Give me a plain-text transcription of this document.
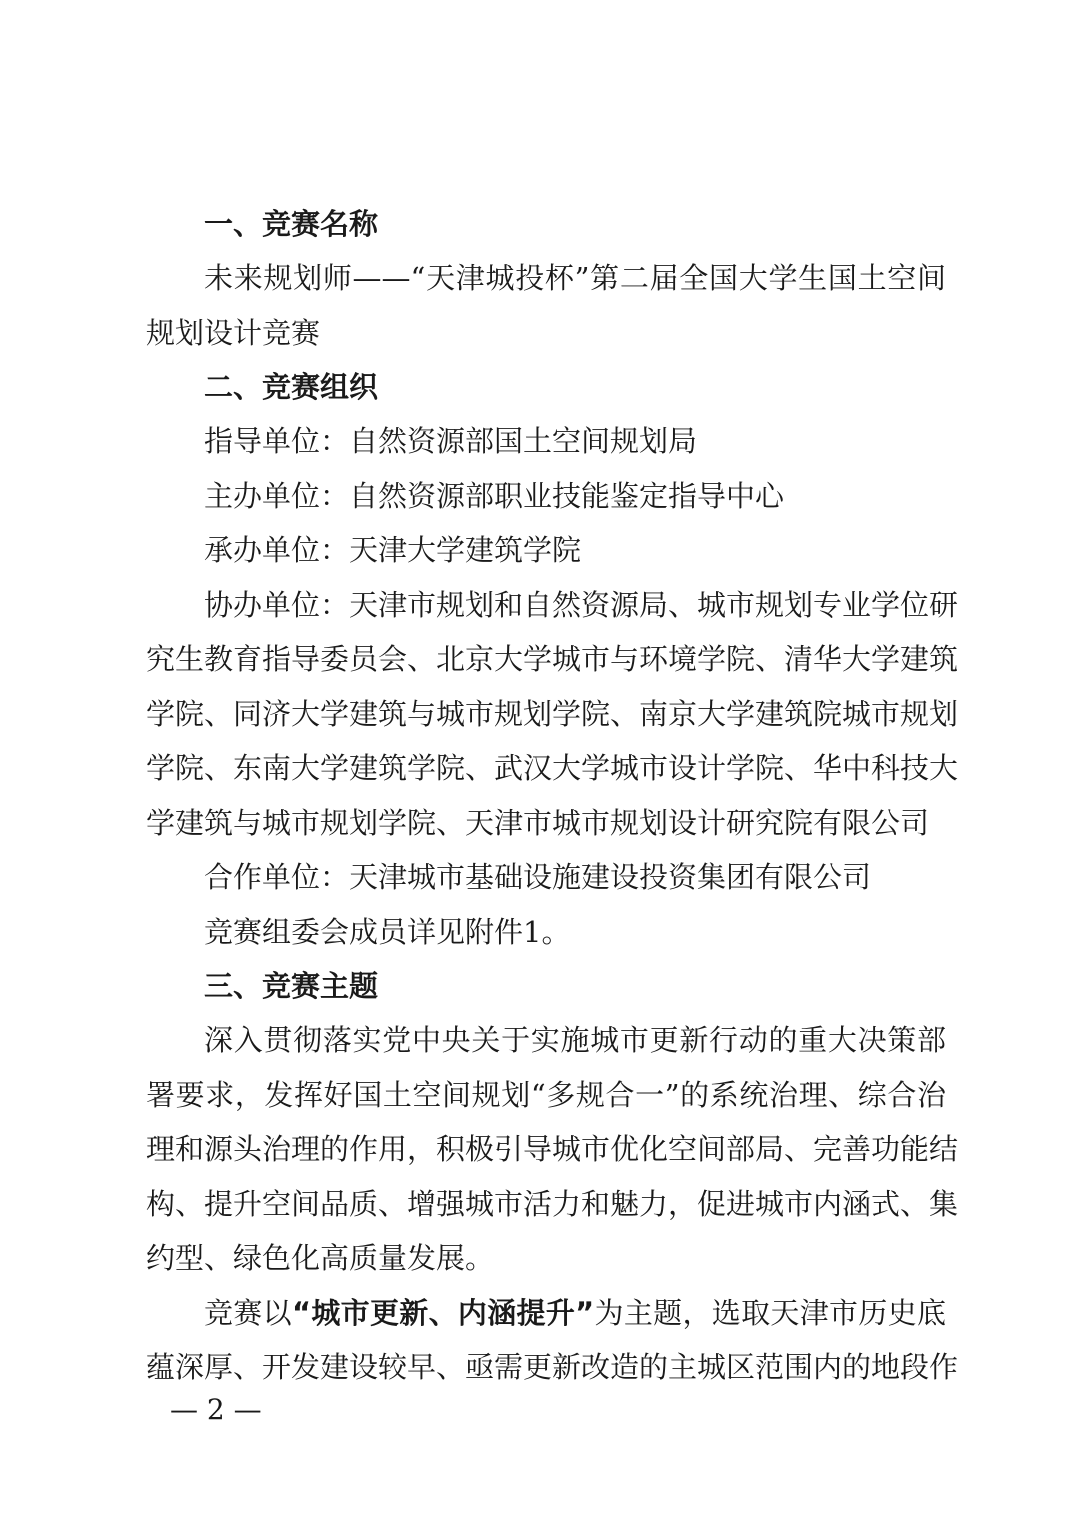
一、竞赛名称
未来规划师——“天津城投杯”第二届全国大学生国土空间
规划设计竞赛
二、竞赛组织
指导单位：自然资源部国土空间规划局
主办单位：自然资源部职业技能鉴定指导中心
承办单位：天津大学建筑学院
协办单位：天津市规划和自然资源局、城市规划专业学位研
究生教育指导委员会、北京大学城市与环境学院、清华大学建筑
学院、同济大学建筑与城市规划学院、南京大学建筑院城市规划
学院、东南大学建筑学院、武汉大学城市设计学院、华中科技大
学建筑与城市规划学院、天津市城市规划设计研究院有限公司
合作单位：天津城市基础设施建设投资集团有限公司
竞赛组委会成员详见附件1。
三、竞赛主题
深入贯彻落实党中央关于实施城市更新行动的重大决策部
署要求，发挥好国土空间规划“多规合一”的系统治理、综合治
理和源头治理的作用，积极引导城市优化空间部局、完善功能结
构、提升空间品质、增强城市活力和魅力，促进城市内涵式、集
约型、绿色化高质量发展。
竞赛以“城市更新、内涵提升”为主题，选取天津市历史底
蕴深厚、开发建设较早、亟需更新改造的主城区范围内的地段作
— 2 —
